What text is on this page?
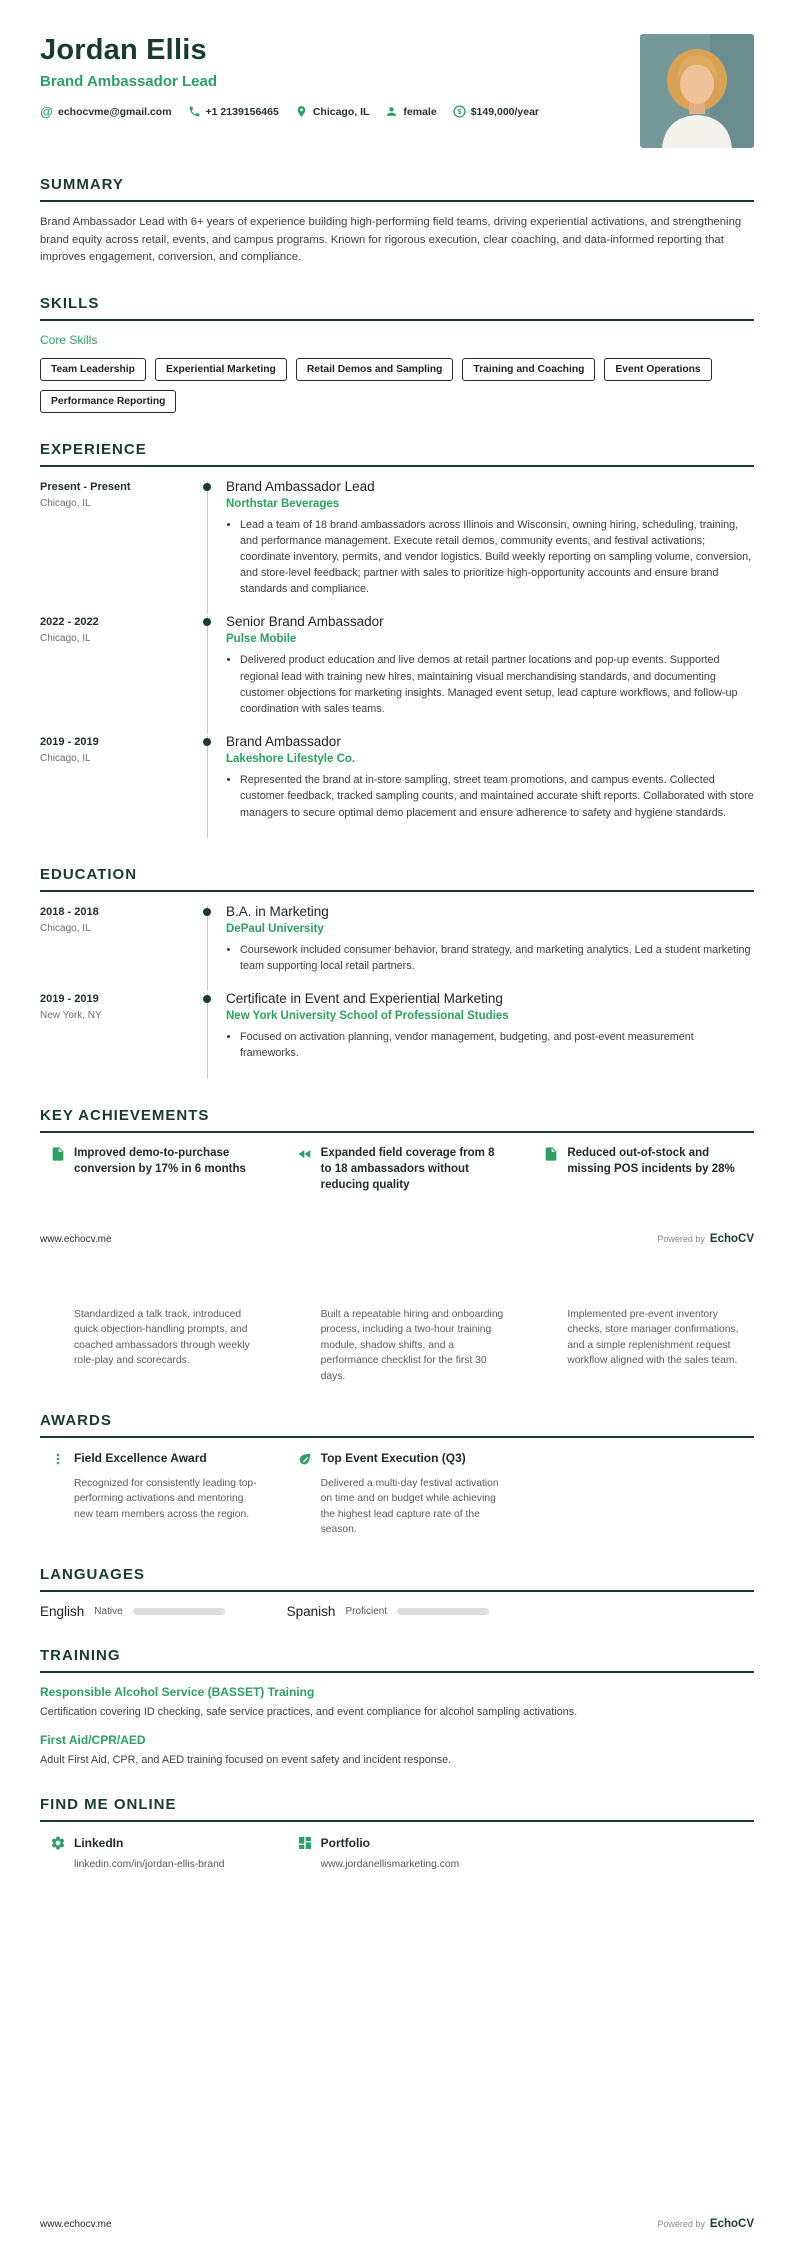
Jordan Ellis
Brand Ambassador Lead
@ echocvme@gmail.com	+1 2139156465	Chicago, IL	female $ $149,000/year
SUMMARY

Brand Ambassador Lead with 6+ years of experience building high-performing field teams, driving experiential activations, and strengthening brand equity across retail, events, and campus programs. Known for rigorous execution, clear coaching, and data-informed reporting that improves engagement, conversion, and compliance.

SKILLS
Core Skills
Team Leadership	Experiential Marketing	Retail Demos and Sampling	Training and Coaching	Event Operations
Performance Reporting
EXPERIENCE
Present - Present
Chicago, IL
Brand Ambassador Lead
Northstar Beverages
• Lead a team of 18 brand ambassadors across Illinois and Wisconsin, owning hiring, scheduling, training, and performance management. Execute retail demos, community events, and festival activations; coordinate inventory, permits, and vendor logistics. Build weekly reporting on sampling volume, conversion, and store-level feedback; partner with sales to prioritize high-opportunity accounts and ensure brand standards and compliance.
2022 - 2022
Chicago, IL
Senior Brand Ambassador
Pulse Mobile
• Delivered product education and live demos at retail partner locations and pop-up events. Supported regional lead with training new hires, maintaining visual merchandising standards, and documenting customer objections for marketing insights. Managed event setup, lead capture workflows, and follow-up coordination with sales teams.
2019 - 2019
Chicago, IL
Brand Ambassador
Lakeshore Lifestyle Co.
• Represented the brand at in-store sampling, street team promotions, and campus events. Collected customer feedback, tracked sampling counts, and maintained accurate shift reports. Collaborated with store managers to secure optimal demo placement and ensure adherence to safety and hygiene standards.
EDUCATION
2018 - 2018
Chicago, IL
B.A. in Marketing
DePaul University
• Coursework included consumer behavior, brand strategy, and marketing analytics. Led a student marketing team supporting local retail partners.
2019 - 2019
New York, NY
Certificate in Event and Experiential Marketing
New York University School of Professional Studies
• Focused on activation planning, vendor management, budgeting, and post-event measurement frameworks.
KEY ACHIEVEMENTS
Improved demo-to-purchase conversion by 17% in 6 months
Expanded field coverage from 8 to 18 ambassadors without reducing quality
Reduced out-of-stock and missing POS incidents by 28%
www.echocv.me	Powered by EchoCV

Standardized a talk track, introduced quick objection-handling prompts, and coached ambassadors through weekly role-play and scorecards.

Built a repeatable hiring and onboarding process, including a two-hour training module, shadow shifts, and a performance checklist for the first 30 days.

Implemented pre-event inventory checks, store manager confirmations, and a simple replenishment request workflow aligned with the sales team.

AWARDS
Field Excellence Award

Recognized for consistently leading top-performing activations and mentoring new team members across the region.

Top Event Execution (Q3)

Delivered a multi-day festival activation on time and on budget while achieving the highest lead capture rate of the season.

LANGUAGES
English Native	Spanish Proficient
TRAINING
Responsible Alcohol Service (BASSET) Training

Certification covering ID checking, safe service practices, and event compliance for alcohol sampling activations.

First Aid/CPR/AED

Adult First Aid, CPR, and AED training focused on event safety and incident response.

FIND ME ONLINE
LinkedIn
linkedin.com/in/jordan-ellis-brand
Portfolio
www.jordanellismarketing.com
www.echocv.me	Powered by EchoCV
